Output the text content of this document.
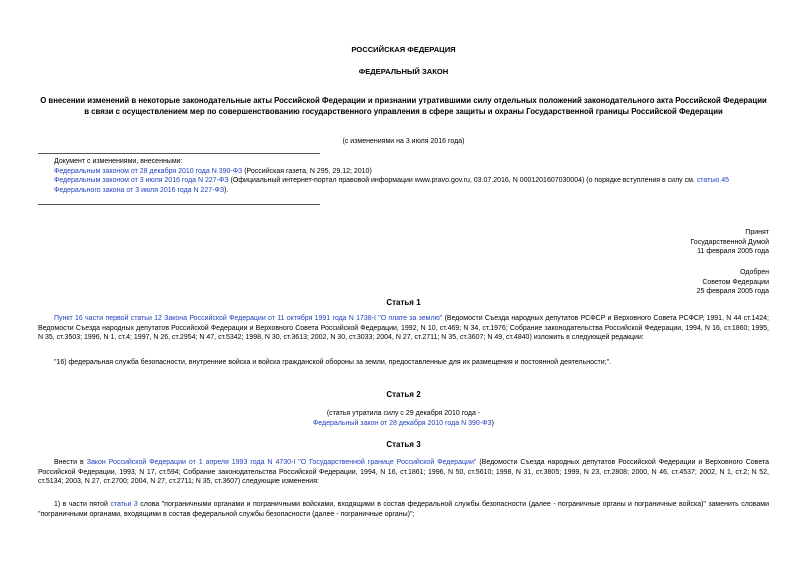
РОССИЙСКАЯ ФЕДЕРАЦИЯ
ФЕДЕРАЛЬНЫЙ ЗАКОН
О внесении изменений в некоторые законодательные акты Российской Федерации и признании утратившими силу отдельных положений законодательного акта Российской Федерации в связи с осуществлением мер по совершенствованию государственного управления в сфере защиты и охраны Государственной границы Российской Федерации
(с изменениями на 3 июля 2016 года)

Документ с изменениями, внесенными:

Федеральным законом от 28 декабря 2010 года N 390-ФЗ (Российская газета, N 295, 29.12; 2010)

Федеральным законом от 3 июля 2016 года N 227-ФЗ (Официальный интернет-портал правовой информации www.pravo.gov.ru, 03.07.2016, N 0001201607030004) (о порядке вступления в силу см. статью 45 Федерального закона от 3 июля 2016 года N 227-ФЗ).

Принят

Государственной Думой

11 февраля 2005 года

Одобрен

Советом Федерации

25 февраля 2005 года

Статья 1
Пункт 16 части первой статьи 12 Закона Российской Федерации от 11 октября 1991 года N 1738-I "О плате за землю" (Ведомости Съезда народных депутатов РСФСР и Верховного Совета РСФСР, 1991, N 44 ст.1424; Ведомости Съезда народных депутатов Российской Федерации и Верховного Совета Российской Федерации, 1992, N 10, ст.469; N 34, ст.1976; Собрание законодательства Российской Федерации, 1994, N 16, ст.1860; 1995, N 35, ст.3503; 1996, N 1, ст.4; 1997, N 26, ст.2954; N 47, ст.5342; 1998, N 30, ст.3613; 2002, N 30, ст.3033; 2004, N 27, ст.2711; N 35, ст.3607; N 49, ст.4840) изложить в следующей редакции:
"16) федеральная служба безопасности, внутренние войска и войска гражданской обороны за земли, предоставленные для их размещения и постоянной деятельности;".
Статья 2
(статья утратила силу с 29 декабря 2010 года -
Федеральный закон от 28 декабря 2010 года N 390-ФЗ)
Статья 3
Внести в Закон Российской Федерации от 1 апреля 1993 года N 4730-I "О Государственной границе Российской Федерации" (Ведомости Съезда народных депутатов Российской Федерации и Верховного Совета Российской Федерации, 1993, N 17, ст.594; Собрание законодательства Российской Федерации, 1994, N 16, ст.1861; 1996, N 50, ст.5610; 1998, N 31, ст.3805; 1999, N 23, ст.2808; 2000, N 46, ст.4537; 2002, N 1, ст.2; N 52, ст.5134; 2003, N 27, ст.2700; 2004, N 27, ст.2711; N 35, ст.3607) следующие изменения:
1) в части пятой статьи 3 слова "пограничными органами и пограничными войсками, входящими в состав федеральной службы безопасности (далее - пограничные органы и пограничные войска)" заменить словами "пограничными органами, входящими в состав федеральной службы безопасности (далее - пограничные органы)";
